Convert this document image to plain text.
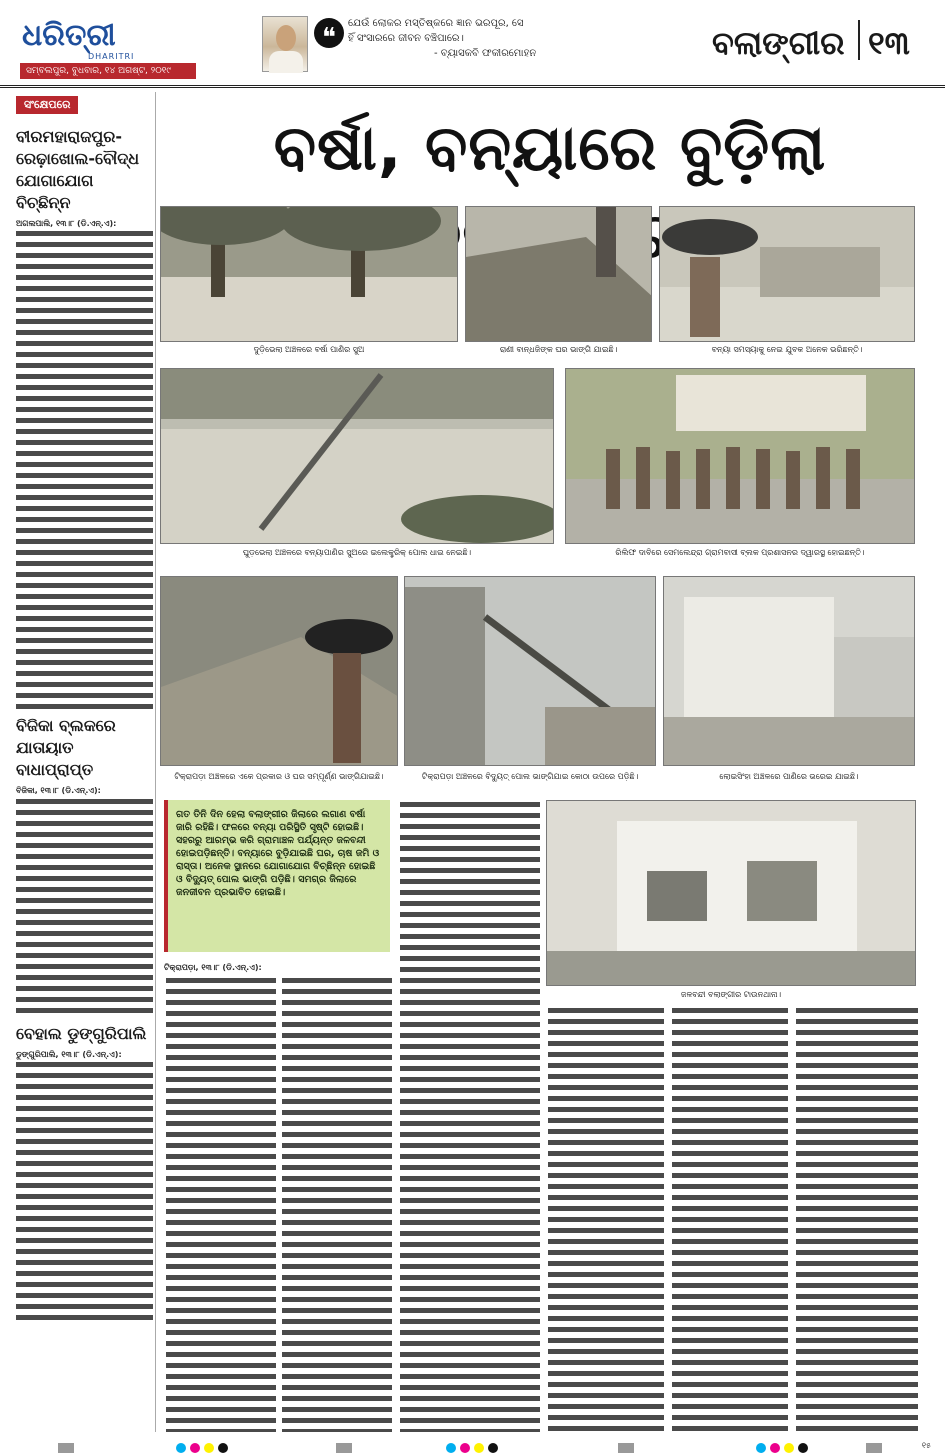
ଧରିତ୍ରୀ
DHARITRI
ସମ୍ବଲପୁର, ବୁଧବାର, ୧୪ ଅଗଷ୍ଟ, ୨୦୧୯
❝	ଯେଉଁ ଲୋକର ମସ୍ତିଷ୍କରେ ଜ୍ଞାନ ଭରପୂର, ସେ
ହିଁ ସଂସାରରେ ଜୀବନ ବଞ୍ଚିପାରେ।
- ବ୍ୟାସକବି ଫକୀରମୋହନ	ବଲାଙ୍ଗୀର ୧୩
ସଂକ୍ଷେପରେ
ବୀରମହାରାଜପୁର-ରେଢ଼ାଖୋଲ-ବୌଦ୍ଧ ଯୋଗାଯୋଗ ବିଚ୍ଛିନ୍ନ
ଅଗଲପାଲି, ୧୩।୮ (ଡି.ଏନ୍.ଏ):
ବିଜିକା ବ୍ଲକରେ ଯାତାୟାତ ବାଧାପ୍ରାପ୍ତ
ବିଜିକା, ୧୩।୮ (ଡି.ଏନ୍.ଏ):
ବେହାଲ ଡୁଙ୍ଗୁରିପାଲି
ଡୁଙ୍ଗୁରିପାଲି, ୧୩।୮ (ଡି.ଏନ୍.ଏ):
ବର୍ଷା, ବନ୍ୟାରେ ବୁଡ଼ିଲା
ଦୁଡ଼ିଭେଲା ଅଞ୍ଚଳରେ ବର୍ଷା ପାଣିର ସୁଅ	ରାଣୀ ବାନ୍ଧଜିଙ୍କ ଘର ଭାଙ୍ଗି ଯାଇଛି।	ବନ୍ୟା ସମସ୍ୟାକୁ ନେଇ ଯୁବକ ଅନେକ ଭରିଛନ୍ତି।
ଘୁଡ଼ଭେଲା ଅଞ୍ଚଳରେ ବନ୍ୟାପାଣିର ସୁଅରେ ଇଲେକ୍ଟ୍ରିକ୍ ପୋଲ ଧାଇ ନେଇଛି।	ରିଲିଫ ଦାବିରେ ସେମଲେନ୍ଦ୍ରା ଗ୍ରାମବାସୀ ବ୍ଲକ ପ୍ରଶାସନର ଦ୍ୱାରସ୍ଥ ହୋଇଛନ୍ତି।
ଟିକ୍ରାପଡ଼ା ଅଞ୍ଚଳରେ ଏକେ ପ୍ରକାର ଓ ଘର ସମ୍ପୂର୍ଣ୍ଣ ଭାଙ୍ଗିଯାଇଛି।	ଟିକ୍ରାପଡ଼ା ଅଞ୍ଚଳରେ ବିଦ୍ୟୁତ୍ ପୋଲ ଭାଙ୍ଗିଯାଇ କୋଠା ଉପରେ ପଡ଼ିଛି।	ଲୋଇସିଂହା ଅଞ୍ଚଳରେ ପାଣିରେ ଭରେଇ ଯାଇଛି।
ଗତ ତିନି ଦିନ ହେଲା ବଲାଙ୍ଗୀର ଜିଲାରେ ଲଗାଣ ବର୍ଷା ଜାରି ରହିଛି। ଫଳରେ ବନ୍ୟା ପରିସ୍ଥିତି ସୃଷ୍ଟି ହୋଇଛି। ସହରରୁ ଆରମ୍ଭ କରି ଗ୍ରାମାଞ୍ଚଳ ପର୍ଯ୍ୟନ୍ତ ଜଳବନ୍ଦୀ ହୋଇପଡ଼ିଛନ୍ତି। ବନ୍ୟାରେ ବୁଡ଼ିଯାଇଛି ଘର, ଚାଷ ଜମି ଓ ରାସ୍ତା। ଅନେକ ସ୍ଥାନରେ ଯୋଗାଯୋଗ ବିଚ୍ଛିନ୍ନ ହୋଇଛି ଓ ବିଦ୍ୟୁତ୍ ପୋଲ ଭାଙ୍ଗି ପଡ଼ିଛି। ସମଗ୍ର ଜିଲାରେ ଜନଜୀବନ ପ୍ରଭାବିତ ହୋଇଛି।
ଟିକ୍ରାପଡ଼ା, ୧୩।୮ (ଡି.ଏନ୍.ଏ):
ଜଳବନ୍ଦୀ ବଲାଙ୍ଗୀର ଟାଉନଥାନା।
୧୫
